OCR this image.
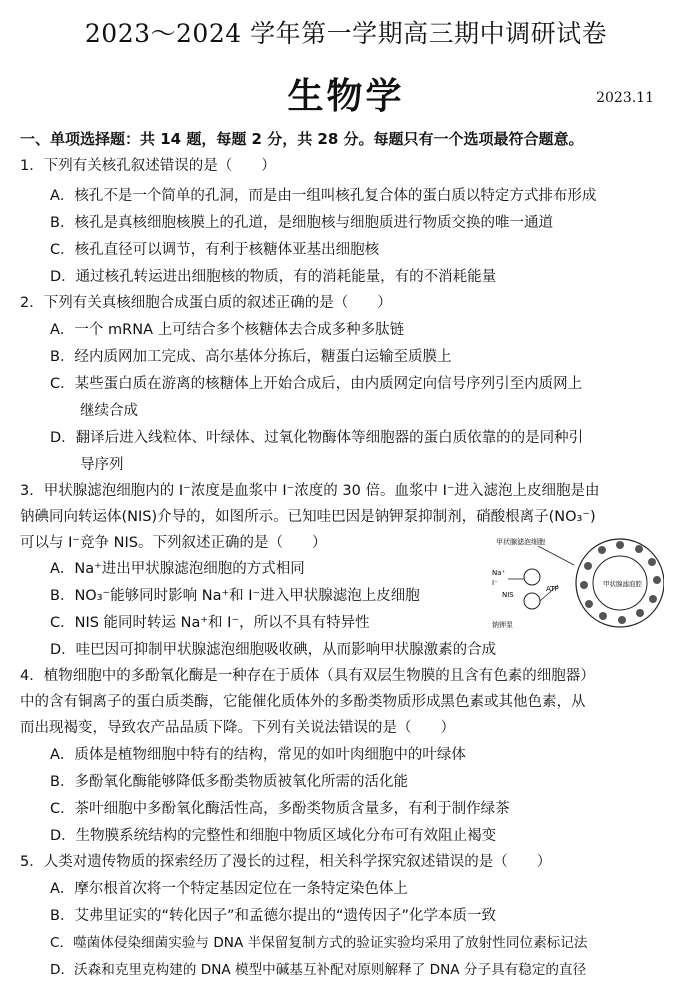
2023～2024 学年第一学期高三期中调研试卷
生物学	2023.11
一、单项选择题：共 14 题，每题 2 分，共 28 分。每题只有一个选项最符合题意。
1．下列有关核孔叙述错误的是（　　）
A．核孔不是一个简单的孔洞，而是由一组叫核孔复合体的蛋白质以特定方式排布形成
B．核孔是真核细胞核膜上的孔道，是细胞核与细胞质进行物质交换的唯一通道
C．核孔直径可以调节，有利于核糖体亚基出细胞核
D．通过核孔转运进出细胞核的物质，有的消耗能量，有的不消耗能量
2．下列有关真核细胞合成蛋白质的叙述正确的是（　　）
A．一个 mRNA 上可结合多个核糖体去合成多种多肽链
B．经内质网加工完成、高尔基体分拣后，糖蛋白运输至质膜上
C．某些蛋白质在游离的核糖体上开始合成后，由内质网定向信号序列引至内质网上
继续合成
D．翻译后进入线粒体、叶绿体、过氧化物酶体等细胞器的蛋白质依靠的的是同种引
导序列
3．甲状腺滤泡细胞内的 I⁻浓度是血浆中 I⁻浓度的 30 倍。血浆中 I⁻进入滤泡上皮细胞是由
钠碘同向转运体(NIS)介导的，如图所示。已知哇巴因是钠钾泵抑制剂，硝酸根离子(NO₃⁻)
可以与 I⁻竞争 NIS。下列叙述正确的是（　　）
A．Na⁺进出甲状腺滤泡细胞的方式相同
B．NO₃⁻能够同时影响 Na⁺和 I⁻进入甲状腺滤泡上皮细胞
C．NIS 能同时转运 Na⁺和 I⁻，所以不具有特异性
D．哇巴因可抑制甲状腺滤泡细胞吸收碘，从而影响甲状腺激素的合成
甲状腺滤泡细胞
Na⁺
I⁻
NIS
ATP
钠钾泵
甲状腺滤泡腔
4．植物细胞中的多酚氧化酶是一种存在于质体（具有双层生物膜的且含有色素的细胞器）
中的含有铜离子的蛋白质类酶，它能催化质体外的多酚类物质形成黑色素或其他色素，从
而出现褐变，导致农产品品质下降。下列有关说法错误的是（　　）
A．质体是植物细胞中特有的结构，常见的如叶肉细胞中的叶绿体
B．多酚氧化酶能够降低多酚类物质被氧化所需的活化能
C．茶叶细胞中多酚氧化酶活性高，多酚类物质含量多，有利于制作绿茶
D．生物膜系统结构的完整性和细胞中物质区域化分布可有效阻止褐变
5．人类对遗传物质的探索经历了漫长的过程，相关科学探究叙述错误的是（　　）
A．摩尔根首次将一个特定基因定位在一条特定染色体上
B．艾弗里证实的“转化因子”和孟德尔提出的“遗传因子”化学本质一致
C．噬菌体侵染细菌实验与 DNA 半保留复制方式的验证实验均采用了放射性同位素标记法
D．沃森和克里克构建的 DNA 模型中碱基互补配对原则解释了 DNA 分子具有稳定的直径
